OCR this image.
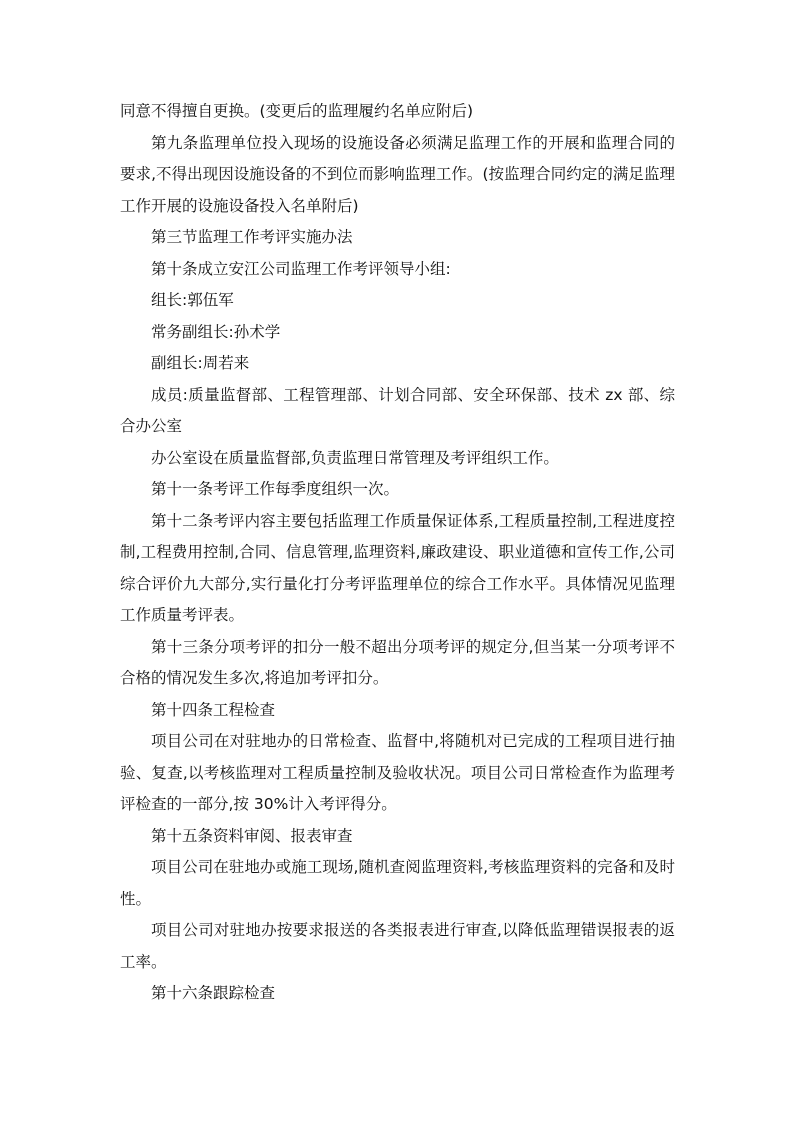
同意不得擅自更换。(变更后的监理履约名单应附后)

第九条监理单位投入现场的设施设备必须满足监理工作的开展和监理合同的要求,不得出现因设施设备的不到位而影响监理工作。(按监理合同约定的满足监理工作开展的设施设备投入名单附后)

第三节监理工作考评实施办法

第十条成立安江公司监理工作考评领导小组:

组长:郭伍军

常务副组长:孙术学

副组长:周若来

成员:质量监督部、工程管理部、计划合同部、安全环保部、技术 zx 部、综合办公室

办公室设在质量监督部,负责监理日常管理及考评组织工作。

第十一条考评工作每季度组织一次。

第十二条考评内容主要包括监理工作质量保证体系,工程质量控制,工程进度控制,工程费用控制,合同、信息管理,监理资料,廉政建设、职业道德和宣传工作,公司综合评价九大部分,实行量化打分考评监理单位的综合工作水平。具体情况见监理工作质量考评表。

第十三条分项考评的扣分一般不超出分项考评的规定分,但当某一分项考评不合格的情况发生多次,将追加考评扣分。

第十四条工程检查

项目公司在对驻地办的日常检查、监督中,将随机对已完成的工程项目进行抽验、复查,以考核监理对工程质量控制及验收状况。项目公司日常检查作为监理考评检查的一部分,按 30%计入考评得分。

第十五条资料审阅、报表审查

项目公司在驻地办或施工现场,随机查阅监理资料,考核监理资料的完备和及时性。

项目公司对驻地办按要求报送的各类报表进行审查,以降低监理错误报表的返工率。

第十六条跟踪检查
